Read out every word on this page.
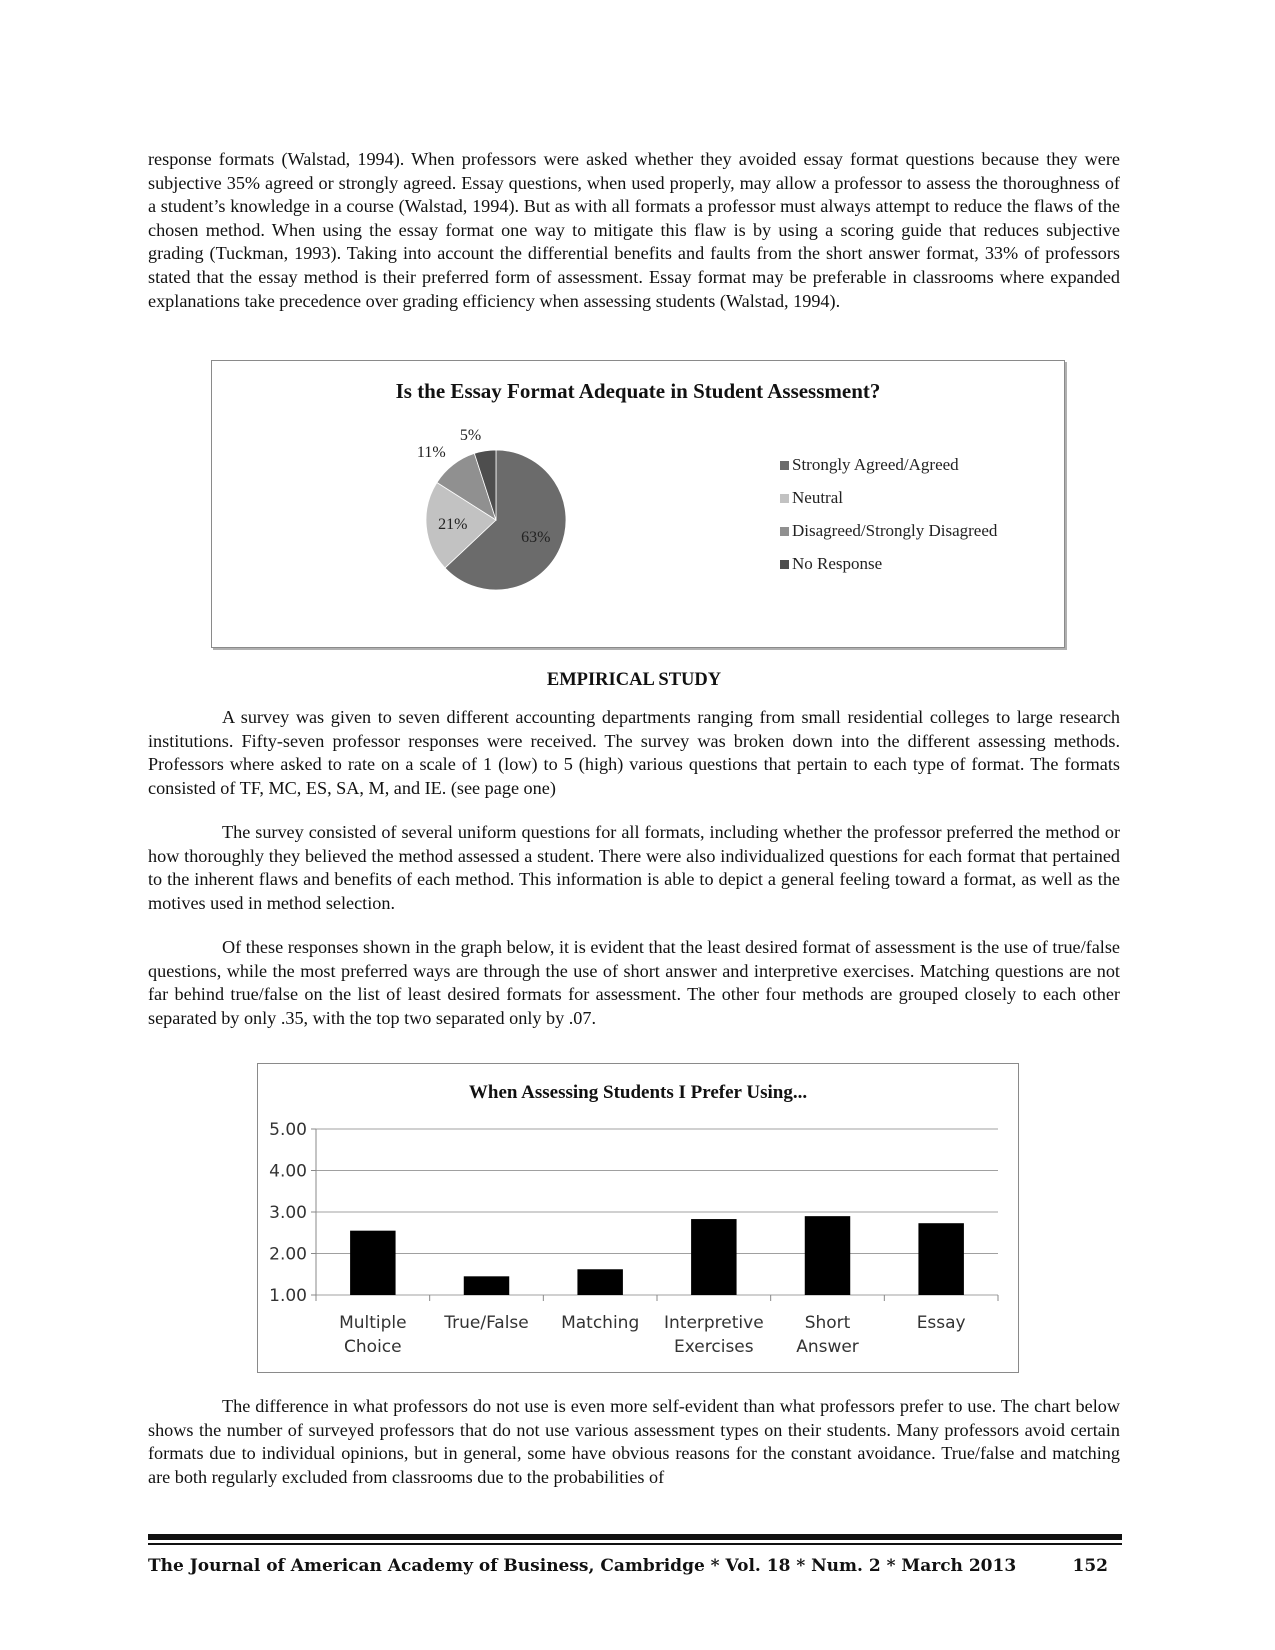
response formats (Walstad, 1994). When professors were asked whether they avoided essay format questions because they were subjective 35% agreed or strongly agreed. Essay questions, when used properly, may allow a professor to assess the thoroughness of a student’s knowledge in a course (Walstad, 1994). But as with all formats a professor must always attempt to reduce the flaws of the chosen method. When using the essay format one way to mitigate this flaw is by using a scoring guide that reduces subjective grading (Tuckman, 1993). Taking into account the differential benefits and faults from the short answer format, 33% of professors stated that the essay method is their preferred form of assessment. Essay format may be preferable in classrooms where expanded explanations take precedence over grading efficiency when assessing students (Walstad, 1994).

Is the Essay Format Adequate in Student Assessment?
63%
21%
11%
5%
Strongly Agreed/Agreed
Neutral
Disagreed/Strongly Disagreed
No Response

EMPIRICAL STUDY

A survey was given to seven different accounting departments ranging from small residential colleges to large research institutions. Fifty-seven professor responses were received. The survey was broken down into the different assessing methods. Professors where asked to rate on a scale of 1 (low) to 5 (high) various questions that pertain to each type of format. The formats consisted of TF, MC, ES, SA, M, and IE. (see page one)

The survey consisted of several uniform questions for all formats, including whether the professor preferred the method or how thoroughly they believed the method assessed a student. There were also individualized questions for each format that pertained to the inherent flaws and benefits of each method. This information is able to depict a general feeling toward a format, as well as the motives used in method selection.

Of these responses shown in the graph below, it is evident that the least desired format of assessment is the use of true/false questions, while the most preferred ways are through the use of short answer and interpretive exercises. Matching questions are not far behind true/false on the list of least desired formats for assessment. The other four methods are grouped closely to each other separated by only .35, with the top two separated only by .07.

When Assessing Students I Prefer Using...
1.00
2.00
3.00
4.00
5.00
Multiple
Choice
True/False Matching Interpretive
Exercises
Short
Answer
Essay

The difference in what professors do not use is even more self-evident than what professors prefer to use. The chart below shows the number of surveyed professors that do not use various assessment types on their students. Many professors avoid certain formats due to individual opinions, but in general, some have obvious reasons for the constant avoidance. True/false and matching are both regularly excluded from classrooms due to the probabilities of

The Journal of American Academy of Business, Cambridge * Vol. 18 * Num. 2 * March 2013	152
